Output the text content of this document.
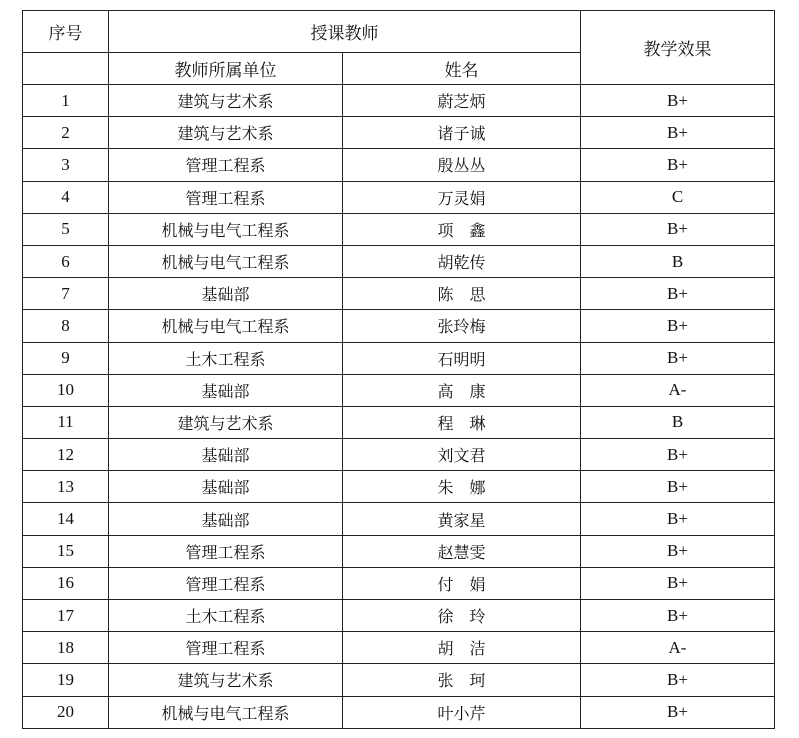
序号	授课教师		教学效果
	教师所属单位	姓名	
1	建筑与艺术系	蔚芝炳	B+
2	建筑与艺术系	诸子诚	B+
3	管理工程系	殷丛丛	B+
4	管理工程系	万灵娟	C
5	机械与电气工程系	项　鑫	B+
6	机械与电气工程系	胡乾传	B
7	基础部	陈　思	B+
8	机械与电气工程系	张玲梅	B+
9	土木工程系	石明明	B+
10	基础部	高　康	A-
11	建筑与艺术系	程　琳	B
12	基础部	刘文君	B+
13	基础部	朱　娜	B+
14	基础部	黄家星	B+
15	管理工程系	赵慧雯	B+
16	管理工程系	付　娟	B+
17	土木工程系	徐　玲	B+
18	管理工程系	胡　洁	A-
19	建筑与艺术系	张　珂	B+
20	机械与电气工程系	叶小芹	B+
